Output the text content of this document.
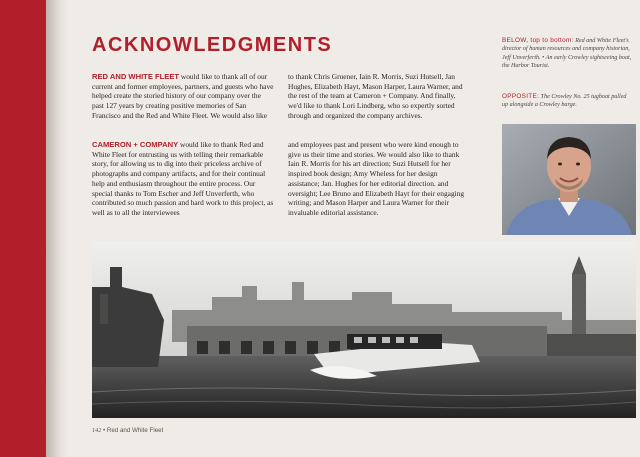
ACKNOWLEDGMENTS

RED AND WHITE FLEET would like to thank all of our current and former employees, partners, and guests who have helped create the storied history of our company over the past 127 years by creating positive memories of San Francisco and the Red and White Fleet. We would also like

to thank Chris Gruener, Iain R. Morris, Suzi Hutsell, Jan Hughes, Elizabeth Hayt, Mason Harper, Laura Warner, and the rest of the team at Cameron + Company. And finally, we'd like to thank Lori Lindberg, who so expertly sorted through and organized the company archives.

CAMERON + COMPANY would like to thank Red and White Fleet for entrusting us with telling their remarkable story, for allowing us to dig into their priceless archive of photographs and company artifacts, and for their continual help and enthusiasm throughout the entire process. Our special thanks to Tom Escher and Jeff Unverferth, who contributed so much passion and hard work to this project, as well as to all the interviewees

and employees past and present who were kind enough to give us their time and stories. We would also like to thank Iain R. Morris for his art direction; Suzi Hutsell for her inspired book design; Amy Wheless for her design assistance; Jan. Hughes for her editorial direction. and oversight; Lee Bruno and Elizabeth Hayt for their engaging writing; and Mason Harper and Laura Warner for their invaluable editorial assistance.

BELOW, top to bottom: Red and White Fleet's director of human resources and company historian, Jeff Unverferth. • An early Crowley sightseeing boat, the Harbor Tourist.

OPPOSITE: The Crowley No. 25 tugboat pulled up alongside a Crowley barge.

142 • Red and White Fleet
